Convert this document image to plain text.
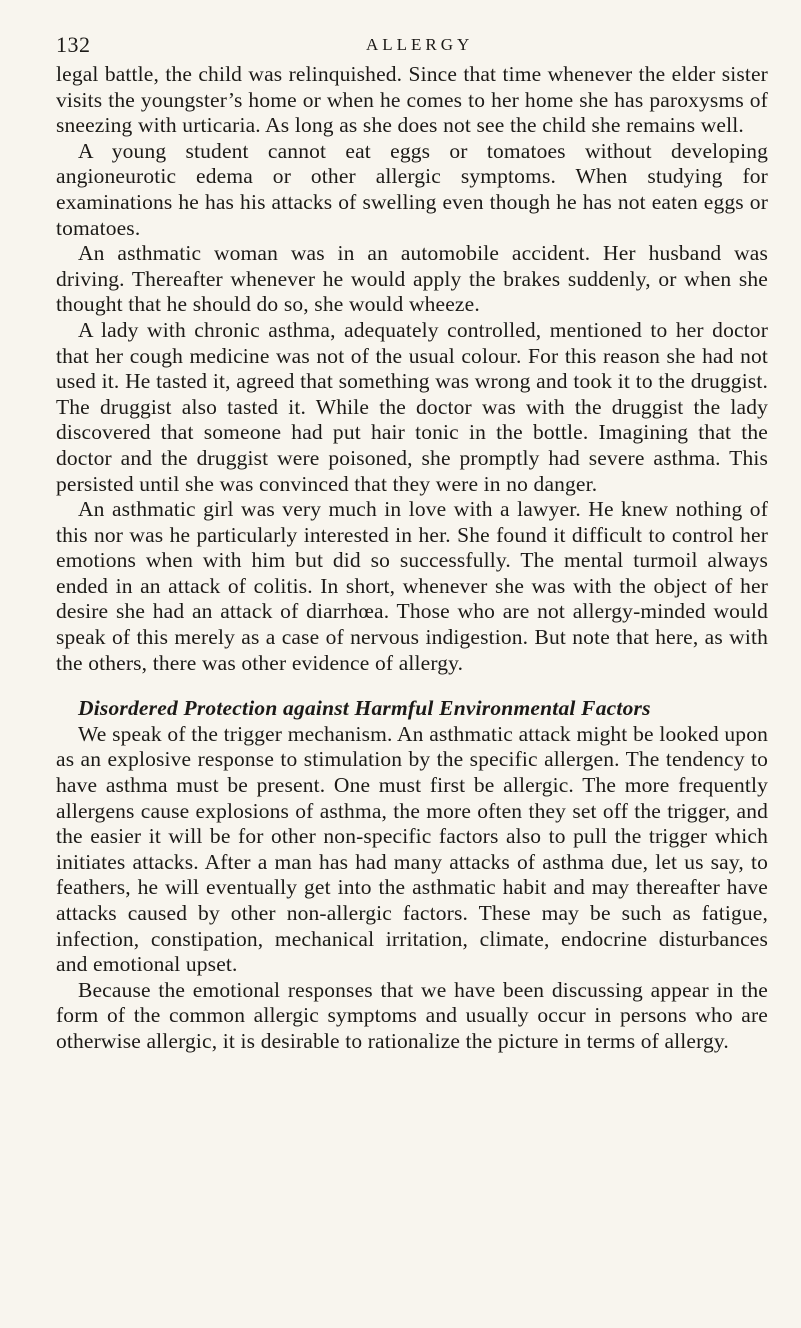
132	ALLERGY

legal battle, the child was relinquished. Since that time whenever the elder sister visits the youngster’s home or when he comes to her home she has paroxysms of sneezing with urticaria. As long as she does not see the child she remains well.

A young student cannot eat eggs or tomatoes without developing angioneurotic edema or other allergic symptoms. When studying for examinations he has his attacks of swelling even though he has not eaten eggs or tomatoes.

An asthmatic woman was in an automobile accident. Her husband was driving. Thereafter whenever he would apply the brakes suddenly, or when she thought that he should do so, she would wheeze.

A lady with chronic asthma, adequately controlled, mentioned to her doctor that her cough medicine was not of the usual colour. For this reason she had not used it. He tasted it, agreed that something was wrong and took it to the druggist. The druggist also tasted it. While the doctor was with the druggist the lady discovered that someone had put hair tonic in the bottle. Imagining that the doctor and the druggist were poisoned, she promptly had severe asthma. This persisted until she was convinced that they were in no danger.

An asthmatic girl was very much in love with a lawyer. He knew nothing of this nor was he particularly interested in her. She found it difficult to control her emotions when with him but did so successfully. The mental turmoil always ended in an attack of colitis. In short, whenever she was with the object of her desire she had an attack of diarrhœa. Those who are not allergy-minded would speak of this merely as a case of nervous indigestion. But note that here, as with the others, there was other evidence of allergy.

Disordered Protection against Harmful Environmental Factors

We speak of the trigger mechanism. An asthmatic attack might be looked upon as an explosive response to stimulation by the specific allergen. The tendency to have asthma must be present. One must first be allergic. The more frequently allergens cause explosions of asthma, the more often they set off the trigger, and the easier it will be for other non-specific factors also to pull the trigger which initiates attacks. After a man has had many attacks of asthma due, let us say, to feathers, he will eventually get into the asthmatic habit and may thereafter have attacks caused by other non-allergic factors. These may be such as fatigue, infection, constipation, mechanical irritation, climate, endocrine disturbances and emotional upset.

Because the emotional responses that we have been discussing appear in the form of the common allergic symptoms and usually occur in persons who are otherwise allergic, it is desirable to rationalize the picture in terms of allergy.
